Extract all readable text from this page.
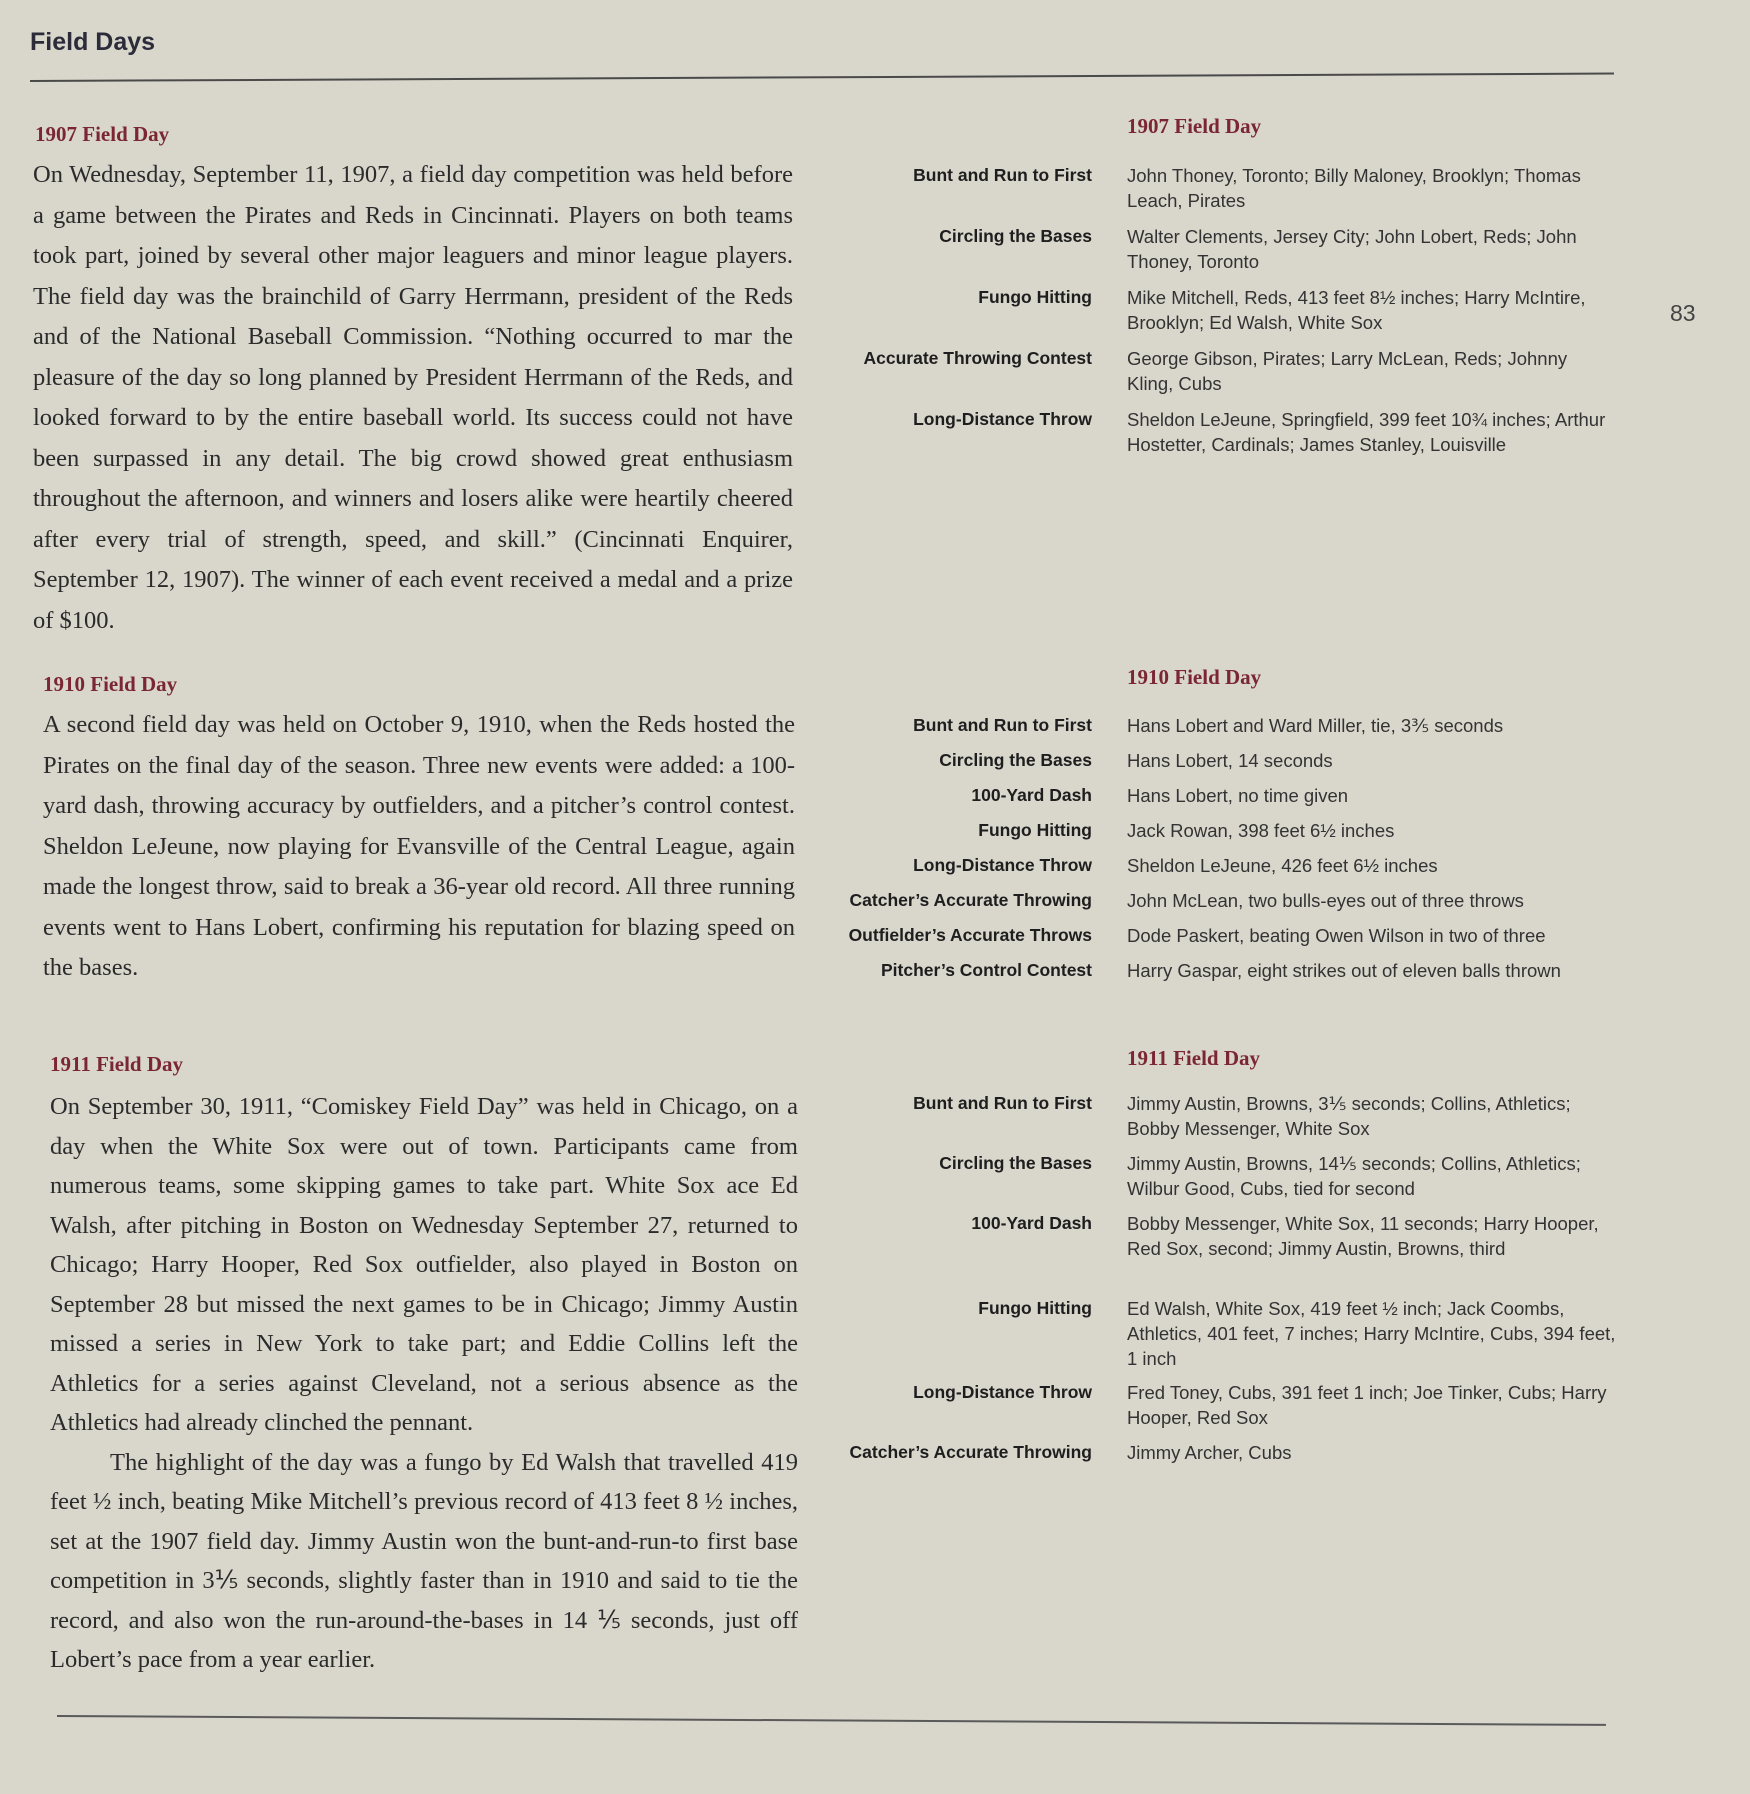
Field Days
83
1907 Field Day

On Wednesday, September 11, 1907, a field day competition was held before a game between the Pirates and Reds in Cincinnati. Players on both teams took part, joined by several other major leaguers and minor league players. The field day was the brainchild of Garry Herrmann, president of the Reds and of the National Baseball Commission. “Nothing occurred to mar the pleasure of the day so long planned by President Herrmann of the Reds, and looked forward to by the entire baseball world. Its success could not have been surpassed in any detail. The big crowd showed great enthusiasm throughout the afternoon, and winners and losers alike were heartily cheered after every trial of strength, speed, and skill.” (Cincinnati Enquirer, September 12, 1907). The winner of each event received a medal and a prize of $100.

1910 Field Day

A second field day was held on October 9, 1910, when the Reds hosted the Pirates on the final day of the season. Three new events were added: a 100-yard dash, throwing accuracy by outfielders, and a pitcher’s control contest. Sheldon LeJeune, now playing for Evansville of the Central League, again made the longest throw, said to break a 36-year old record. All three running events went to Hans Lobert, confirming his reputation for blazing speed on the bases.

1911 Field Day

On September 30, 1911, “Comiskey Field Day” was held in Chicago, on a day when the White Sox were out of town. Participants came from numerous teams, some skipping games to take part. White Sox ace Ed Walsh, after pitching in Boston on Wednesday September 27, returned to Chicago; Harry Hooper, Red Sox outfielder, also played in Boston on September 28 but missed the next games to be in Chicago; Jimmy Austin missed a series in New York to take part; and Eddie Collins left the Athletics for a series against Cleveland, not a serious absence as the Athletics had already clinched the pennant.

The highlight of the day was a fungo by Ed Walsh that travelled 419 feet ½ inch, beating Mike Mitchell’s previous record of 413 feet 8 ½ inches, set at the 1907 field day. Jimmy Austin won the bunt-and-run-to first base competition in 3⅕ seconds, slightly faster than in 1910 and said to tie the record, and also won the run-around-the-bases in 14 ⅕ seconds, just off Lobert’s pace from a year earlier.

1907 Field Day
Bunt and Run to First John Thoney, Toronto; Billy Maloney, Brooklyn; Thomas Leach, Pirates
Circling the Bases Walter Clements, Jersey City; John Lobert, Reds; John Thoney, Toronto
Fungo Hitting Mike Mitchell, Reds, 413 feet 8½ inches; Harry McIntire, Brooklyn; Ed Walsh, White Sox
Accurate Throwing Contest George Gibson, Pirates; Larry McLean, Reds; Johnny Kling, Cubs
Long-Distance Throw Sheldon LeJeune, Springfield, 399 feet 10¾ inches; Arthur Hostetter, Cardinals; James Stanley, Louisville
1910 Field Day
Bunt and Run to First Hans Lobert and Ward Miller, tie, 3⅗ seconds
Circling the Bases Hans Lobert, 14 seconds
100-Yard Dash Hans Lobert, no time given
Fungo Hitting Jack Rowan, 398 feet 6½ inches
Long-Distance Throw Sheldon LeJeune, 426 feet 6½ inches
Catcher’s Accurate Throwing John McLean, two bulls-eyes out of three throws
Outfielder’s Accurate Throws Dode Paskert, beating Owen Wilson in two of three
Pitcher’s Control Contest Harry Gaspar, eight strikes out of eleven balls thrown
1911 Field Day
Bunt and Run to First Jimmy Austin, Browns, 3⅕ seconds; Collins, Athletics; Bobby Messenger, White Sox
Circling the Bases Jimmy Austin, Browns, 14⅕ seconds; Collins, Athletics; Wilbur Good, Cubs, tied for second
100-Yard Dash Bobby Messenger, White Sox, 11 seconds; Harry Hooper, Red Sox, second; Jimmy Austin, Browns, third
Fungo Hitting Ed Walsh, White Sox, 419 feet ½ inch; Jack Coombs, Athletics, 401 feet, 7 inches; Harry McIntire, Cubs, 394 feet, 1 inch
Long-Distance Throw Fred Toney, Cubs, 391 feet 1 inch; Joe Tinker, Cubs; Harry Hooper, Red Sox
Catcher’s Accurate Throwing Jimmy Archer, Cubs
